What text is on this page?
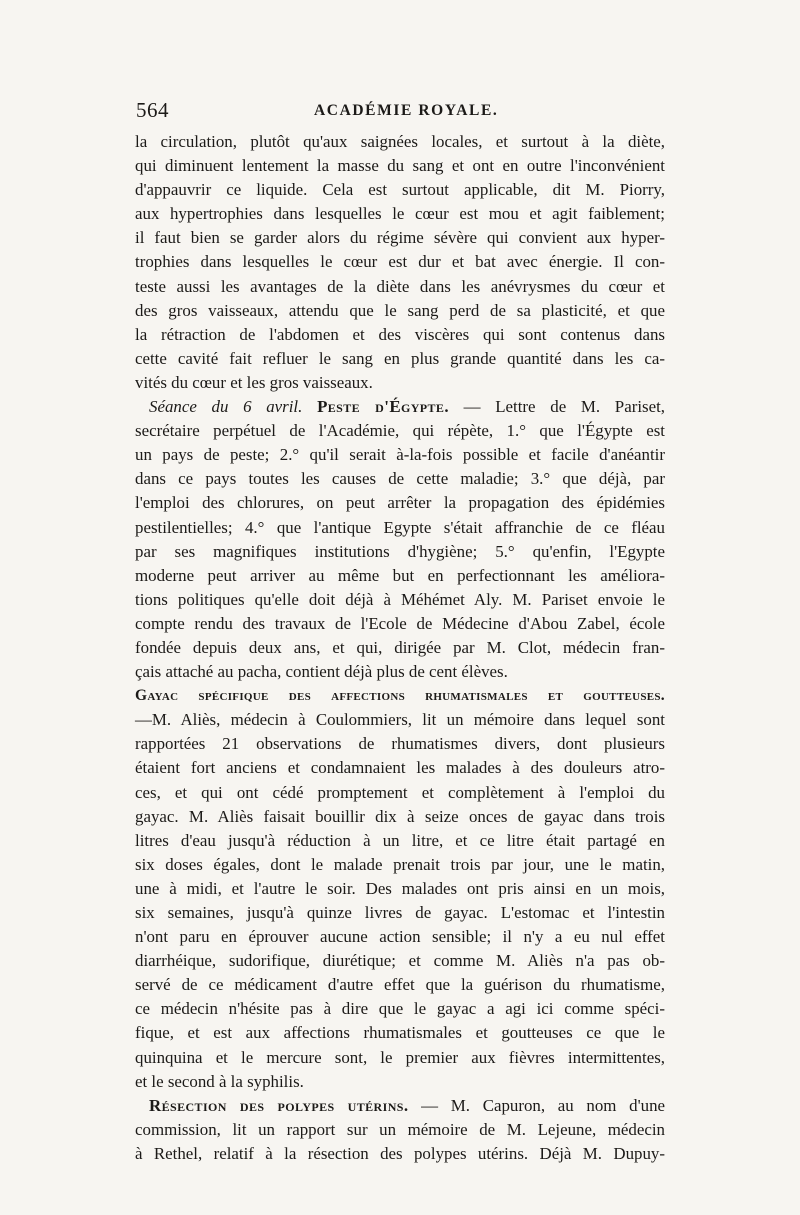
564	ACADÉMIE ROYALE.
la circulation, plutôt qu'aux saignées locales, et surtout à la diète,
qui diminuent lentement la masse du sang et ont en outre l'inconvénient
d'appauvrir ce liquide. Cela est surtout applicable, dit M. Piorry,
aux hypertrophies dans lesquelles le cœur est mou et agit faiblement;
il faut bien se garder alors du régime sévère qui convient aux hyper-
trophies dans lesquelles le cœur est dur et bat avec énergie. Il con-
teste aussi les avantages de la diète dans les anévrysmes du cœur et
des gros vaisseaux, attendu que le sang perd de sa plasticité, et que
la rétraction de l'abdomen et des viscères qui sont contenus dans
cette cavité fait refluer le sang en plus grande quantité dans les ca-
vités du cœur et les gros vaisseaux.
Séance du 6 avril. Peste d'Égypte. — Lettre de M. Pariset,
secrétaire perpétuel de l'Académie, qui répète, 1.° que l'Égypte est
un pays de peste; 2.° qu'il serait à-la-fois possible et facile d'anéantir
dans ce pays toutes les causes de cette maladie; 3.° que déjà, par
l'emploi des chlorures, on peut arrêter la propagation des épidémies
pestilentielles; 4.° que l'antique Egypte s'était affranchie de ce fléau
par ses magnifiques institutions d'hygiène; 5.° qu'enfin, l'Egypte
moderne peut arriver au même but en perfectionnant les améliora-
tions politiques qu'elle doit déjà à Méhémet Aly. M. Pariset envoie le
compte rendu des travaux de l'Ecole de Médecine d'Abou Zabel, école
fondée depuis deux ans, et qui, dirigée par M. Clot, médecin fran-
çais attaché au pacha, contient déjà plus de cent élèves.
Gayac spécifique des affections rhumatismales et goutteuses.
—M. Aliès, médecin à Coulommiers, lit un mémoire dans lequel sont
rapportées 21 observations de rhumatismes divers, dont plusieurs
étaient fort anciens et condamnaient les malades à des douleurs atro-
ces, et qui ont cédé promptement et complètement à l'emploi du
gayac. M. Aliès faisait bouillir dix à seize onces de gayac dans trois
litres d'eau jusqu'à réduction à un litre, et ce litre était partagé en
six doses égales, dont le malade prenait trois par jour, une le matin,
une à midi, et l'autre le soir. Des malades ont pris ainsi en un mois,
six semaines, jusqu'à quinze livres de gayac. L'estomac et l'intestin
n'ont paru en éprouver aucune action sensible; il n'y a eu nul effet
diarrhéique, sudorifique, diurétique; et comme M. Aliès n'a pas ob-
servé de ce médicament d'autre effet que la guérison du rhumatisme,
ce médecin n'hésite pas à dire que le gayac a agi ici comme spéci-
fique, et est aux affections rhumatismales et goutteuses ce que le
quinquina et le mercure sont, le premier aux fièvres intermittentes,
et le second à la syphilis.
Résection des polypes utérins. — M. Capuron, au nom d'une
commission, lit un rapport sur un mémoire de M. Lejeune, médecin
à Rethel, relatif à la résection des polypes utérins. Déjà M. Dupuy-
